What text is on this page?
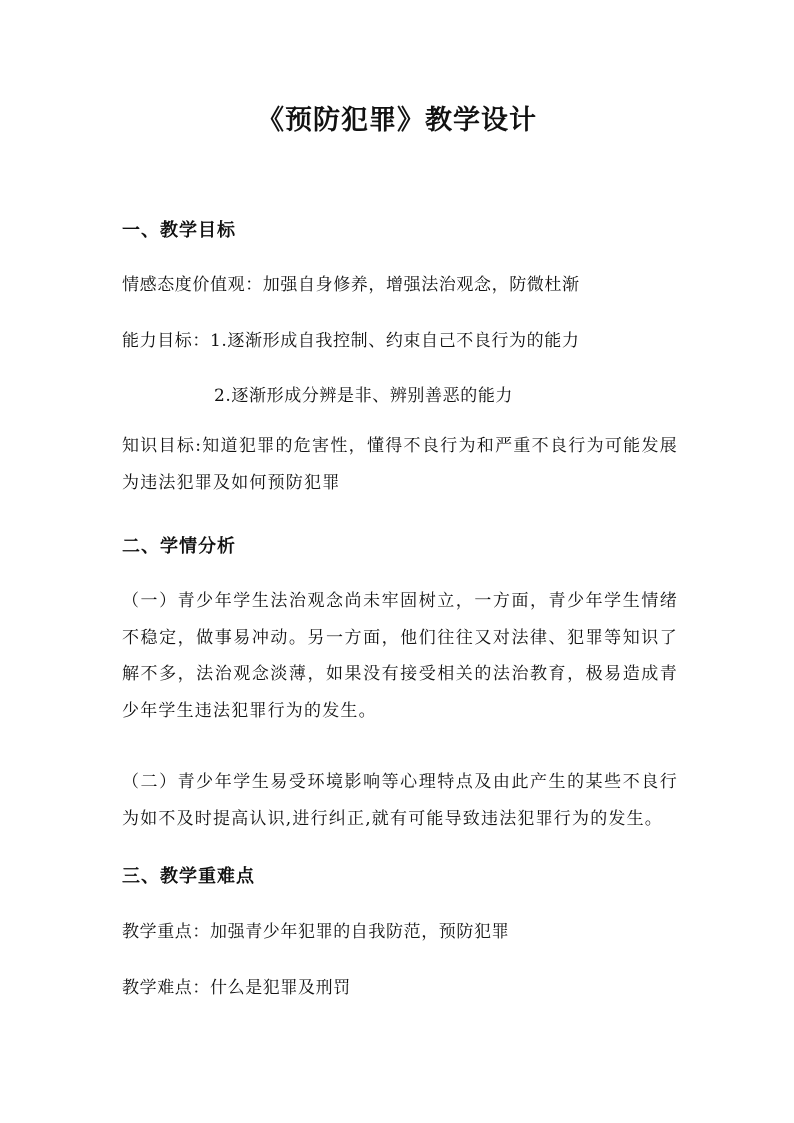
《预防犯罪》教学设计
一、教学目标
情感态度价值观：加强自身修养，增强法治观念，防微杜渐
能力目标：1.逐渐形成自我控制、约束自己不良行为的能力
2.逐渐形成分辨是非、辨别善恶的能力
知识目标:知道犯罪的危害性，懂得不良行为和严重不良行为可能发展为违法犯罪及如何预防犯罪
二、学情分析
（一）青少年学生法治观念尚未牢固树立，一方面，青少年学生情绪不稳定，做事易冲动。另一方面，他们往往又对法律、犯罪等知识了解不多，法治观念淡薄，如果没有接受相关的法治教育，极易造成青少年学生违法犯罪行为的发生。
（二）青少年学生易受环境影响等心理特点及由此产生的某些不良行为如不及时提高认识,进行纠正,就有可能导致违法犯罪行为的发生。
三、教学重难点
教学重点：加强青少年犯罪的自我防范，预防犯罪
教学难点：什么是犯罪及刑罚
